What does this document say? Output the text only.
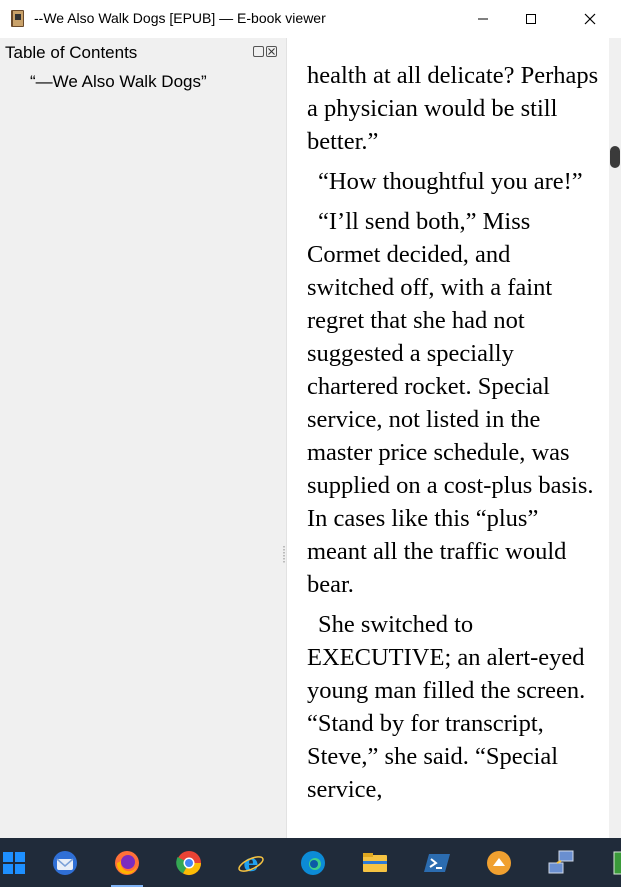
--We Also Walk Dogs [EPUB] — E-book viewer
Table of Contents
“—We Also Walk Dogs”	health at all delicate? Perhaps a physician would be still better.”

“How thoughtful you are!”

“I’ll send both,” Miss Cormet decided, and switched off, with a faint regret that she had not suggested a specially chartered rocket. Special service, not listed in the master price schedule, was supplied on a cost-plus basis. In cases like this “plus” meant all the traffic would bear.

She switched to EXECUTIVE; an alert-eyed young man filled the screen. “Stand by for transcript, Steve,” she said. “Special service,

e
